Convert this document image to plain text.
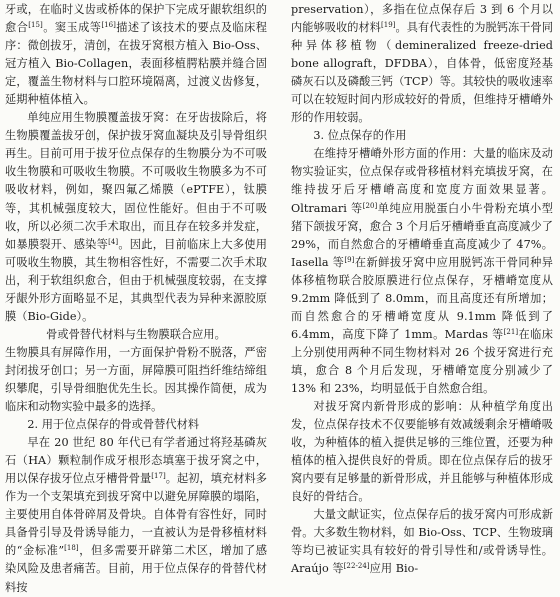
牙或，在临时义齿或桥体的保护下完成牙龈软组织的愈合[15]。窦玉成等[16]描述了该技术的要点及临床程序：微创拔牙，清创，在拔牙窝根方植入 Bio-Oss、冠方植入 Bio-Collagen，表面移植腭粘膜并缝合固定，覆盖生物材料与口腔环境隔离，过渡义齿修复，延期种植体植入。

单纯应用生物膜覆盖拔牙窝：在牙齿拔除后，将生物膜覆盖拔牙创，保护拔牙窝血凝块及引导骨组织再生。目前可用于拔牙位点保存的生物膜分为不可吸收生物膜和可吸收生物膜。不可吸收生物膜多为不可吸收材料，例如，聚四氟乙烯膜（ePTFE），钛膜等，其机械强度较大，固位性能好。但由于不可吸收，所以必须二次手术取出，而且存在较多并发症，如暴膜裂开、感染等[4]。因此，目前临床上大多使用可吸收生物膜，其生物相容性好，不需要二次手术取出，利于软组织愈合，但由于机械强度较弱，在支撑牙龈外形方面略显不足，其典型代表为异种来源胶原膜（Bio-Gide）。

骨或骨替代材料与生物膜联合应用。

生物膜具有屏障作用，一方面保护骨粉不脱落，严密封闭拔牙创口；另一方面，屏障膜可阻挡纤维结缔组织攀爬，引导骨细胞优先生长。因其操作简便，成为临床和动物实验中最多的选择。

2. 用于位点保存的骨或骨替代材料

早在 20 世纪 80 年代已有学者通过将羟基磷灰石（HA）颗粒制作成牙根形态填塞于拔牙窝之中，用以保存拔牙位点牙槽骨骨量[17]。起初，填充材料多作为一个支架填充到拔牙窝中以避免屏障膜的塌陷，主要使用自体骨碎屑及骨块。自体骨有容性好，同时具备骨引导及骨诱导能力，一直被认为是骨移植材料的“金标准”[18]，但多需要开辟第二术区，增加了感染风险及患者痛苦。目前，用于位点保存的骨替代材料按

preservation），多指在位点保存后 3 到 6 个月以内能够吸收的材料[19]。具有代表性的为脱钙冻干骨同种异体移植物（demineralized freeze-dried bone allograft，DFDBA），自体骨，低密度羟基磷灰石以及磷酸三钙（TCP）等。其较快的吸收速率可以在较短时间内形成较好的骨质，但维持牙槽嵴外形的作用较弱。

3. 位点保存的作用

在维持牙槽嵴外形方面的作用：大量的临床及动物实验证实，位点保存或骨移植材料充填拔牙窝，在维持拔牙后牙槽嵴高度和宽度方面效果显著。Oltramari 等[20]单纯应用脱蛋白小牛骨粉充填小型猪下颌拔牙窝，愈合 3 个月后牙槽嵴垂直高度减少了 29%，而自然愈合的牙槽嵴垂直高度减少了 47%。Iasella 等[9]在新鲜拔牙窝中应用脱钙冻干骨同种异体移植物联合胶原膜进行位点保存，牙槽嵴宽度从 9.2mm 降低到了 8.0mm，而且高度还有所增加；而自然愈合的牙槽嵴宽度从 9.1mm 降低到了 6.4mm，高度下降了 1mm。Mardas 等[21]在临床上分别使用两种不同生物材料对 26 个拔牙窝进行充填，愈合 8 个月后发现，牙槽嵴宽度分别减少了 13% 和 23%，均明显低于自然愈合组。

对拔牙窝内新骨形成的影响：从种植学角度出发，位点保存技术不仅要能够有效减缓剩余牙槽嵴吸收，为种植体的植入提供足够的三维位置，还要为种植体的植入提供良好的骨质。即在位点保存后的拔牙窝内要有足够量的新骨形成，并且能够与种植体形成良好的骨结合。

大量文献证实，位点保存后的拔牙窝内可形成新骨。大多数生物材料，如 Bio-Oss、TCP、生物玻璃等均已被证实具有较好的骨引导性和/或骨诱导性。Araújo 等[22-24]应用 Bio-
